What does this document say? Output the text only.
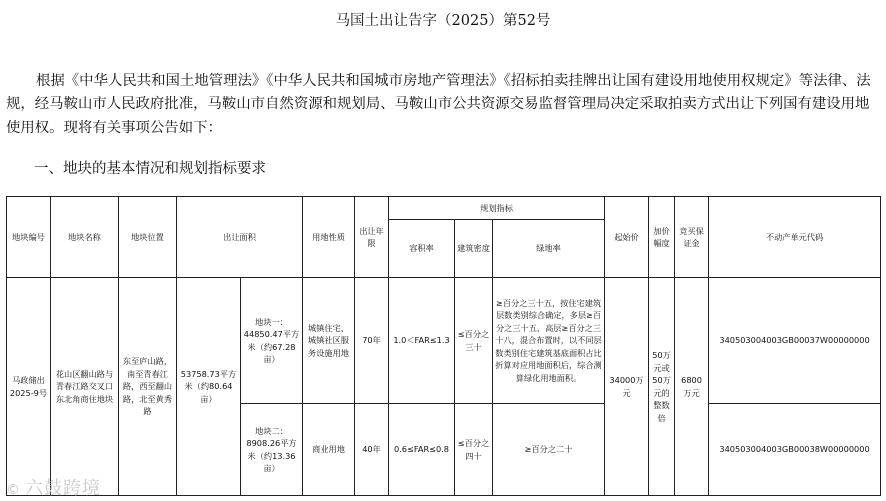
马国土出让告字（2025）第52号
根据《中华人民共和国土地管理法》《中华人民共和国城市房地产管理法》《招标拍卖挂牌出让国有建设用地使用权规定》等法律、法规，经马鞍山市人民政府批准，马鞍山市自然资源和规划局、马鞍山市公共资源交易监督管理局决定采取拍卖方式出让下列国有建设用地使用权。现将有关事项公告如下：
一、地块的基本情况和规划指标要求
地块编号	地块名称	地块位置	出让面积		用地性质	出让年限	规划指标			起始价	加价幅度	竞买保证金	不动产单元代码
							容积率	建筑密度	绿地率				
马政储出2025-9号	花山区翻山路与青春江路交叉口东北角商住地块	东至庐山路，南至青春江路，西至翻山路，北至黄秀路	53758.73平方米（约80.64亩）	地块一：44850.47平方米（约67.28亩）	城镇住宅、城镇社区服务设施用地	70年	1.0＜FAR≤1.3	≤百分之三十	≥百分之三十五，按住宅建筑层数类别综合确定，多层≥百分之三十五，高层≥百分之三十八，混合布置时，以不同层数类别住宅建筑基底面积占比折算对应用地面积后，综合测算绿化用地面积。	34000万元	50万元或50万元的整数倍	6800万元	340503004003GB00037W00000000
				地块二：8908.26平方米（约13.36亩）	商业用地	40年	0.6≤FAR≤0.8	≤百分之四十	≥百分之二十				340503004003GB00038W00000000
© 六鼓跨境
